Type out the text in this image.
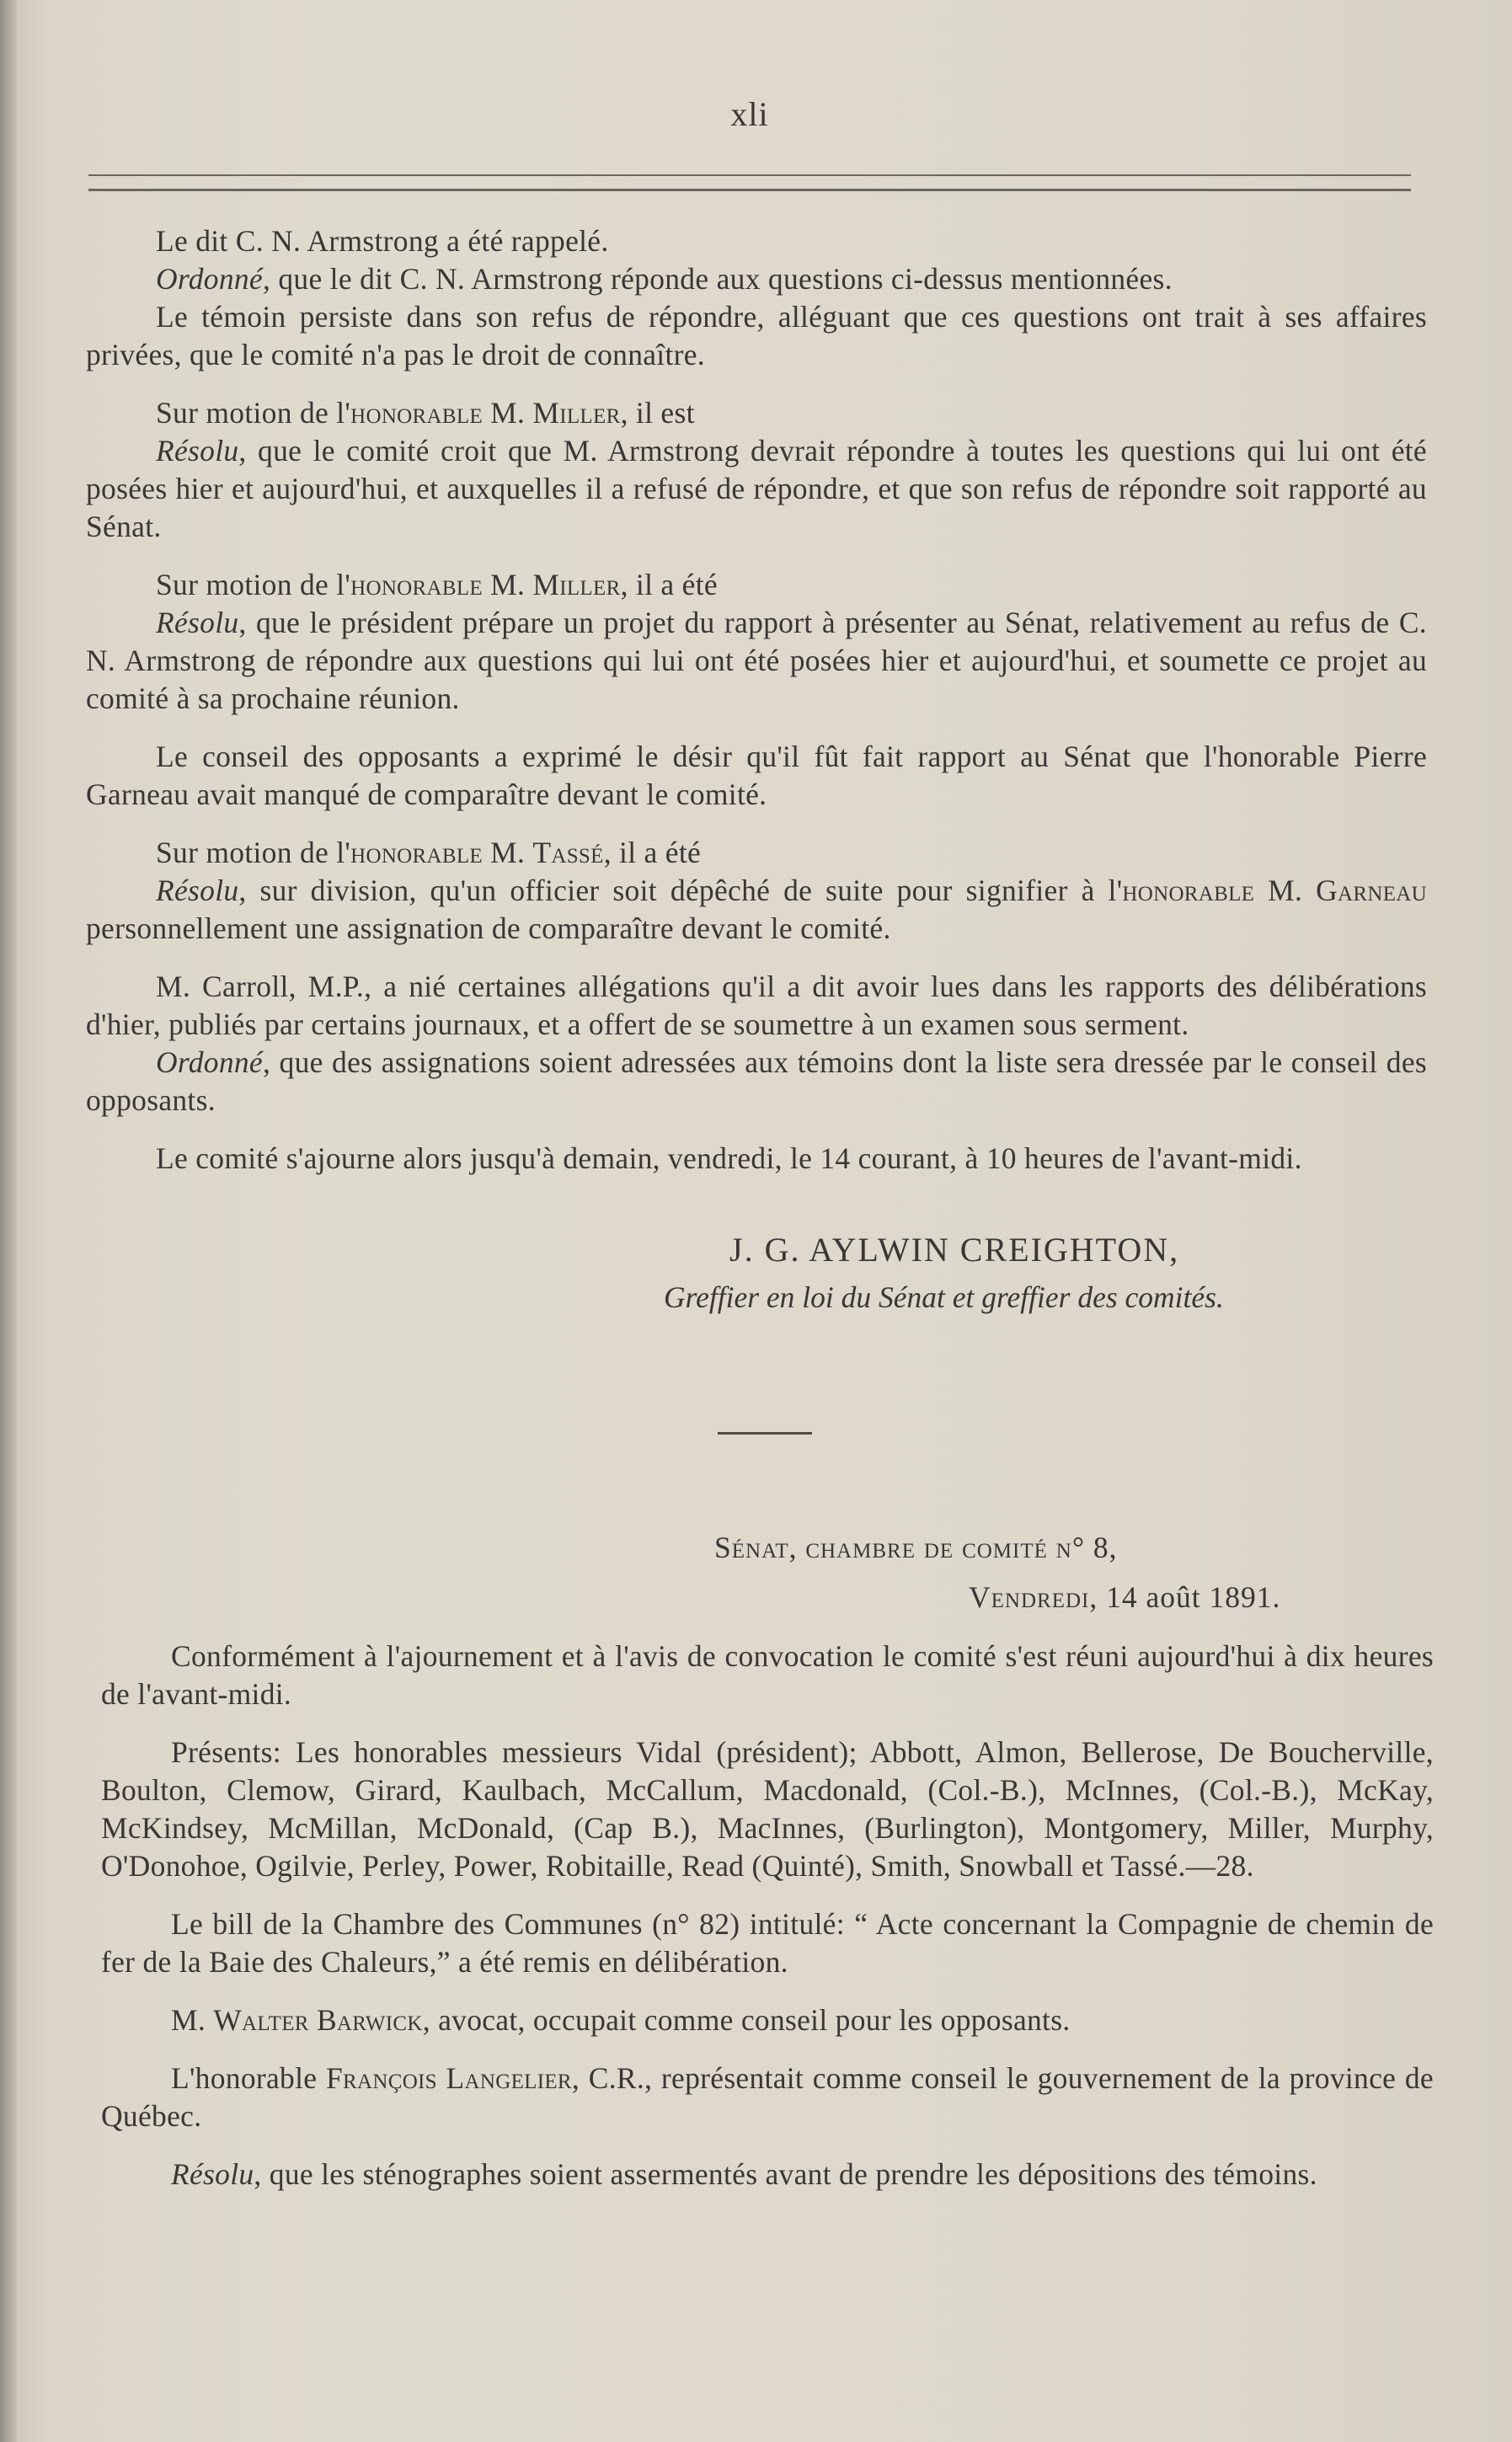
xli

Le dit C. N. Armstrong a été rappelé.

Ordonné, que le dit C. N. Armstrong réponde aux questions ci-dessus mentionnées.

Le témoin persiste dans son refus de répondre, alléguant que ces questions ont trait à ses affaires privées, que le comité n'a pas le droit de connaître.

Sur motion de l'honorable M. Miller, il est

Résolu, que le comité croit que M. Armstrong devrait répondre à toutes les questions qui lui ont été posées hier et aujourd'hui, et auxquelles il a refusé de répondre, et que son refus de répondre soit rapporté au Sénat.

Sur motion de l'honorable M. Miller, il a été

Résolu, que le président prépare un projet du rapport à présenter au Sénat, relativement au refus de C. N. Armstrong de répondre aux questions qui lui ont été posées hier et aujourd'hui, et soumette ce projet au comité à sa prochaine réunion.

Le conseil des opposants a exprimé le désir qu'il fût fait rapport au Sénat que l'honorable Pierre Garneau avait manqué de comparaître devant le comité.

Sur motion de l'honorable M. Tassé, il a été

Résolu, sur division, qu'un officier soit dépêché de suite pour signifier à l'honorable M. Garneau personnellement une assignation de comparaître devant le comité.

M. Carroll, M.P., a nié certaines allégations qu'il a dit avoir lues dans les rapports des délibérations d'hier, publiés par certains journaux, et a offert de se soumettre à un examen sous serment.

Ordonné, que des assignations soient adressées aux témoins dont la liste sera dressée par le conseil des opposants.

Le comité s'ajourne alors jusqu'à demain, vendredi, le 14 courant, à 10 heures de l'avant-midi.

J. G. AYLWIN CREIGHTON,
Greffier en loi du Sénat et greffier des comités.
Sénat, chambre de comité n° 8,
Vendredi, 14 août 1891.

Conformément à l'ajournement et à l'avis de convocation le comité s'est réuni aujourd'hui à dix heures de l'avant-midi.

Présents: Les honorables messieurs Vidal (président); Abbott, Almon, Bellerose, De Boucherville, Boulton, Clemow, Girard, Kaulbach, McCallum, Macdonald, (Col.-B.), McInnes, (Col.-B.), McKay, McKindsey, McMillan, McDonald, (Cap B.), MacInnes, (Burlington), Montgomery, Miller, Murphy, O'Donohoe, Ogilvie, Perley, Power, Robitaille, Read (Quinté), Smith, Snowball et Tassé.—28.

Le bill de la Chambre des Communes (n° 82) intitulé: “ Acte concernant la Compagnie de chemin de fer de la Baie des Chaleurs,” a été remis en délibération.

M. Walter Barwick, avocat, occupait comme conseil pour les opposants.

L'honorable François Langelier, C.R., représentait comme conseil le gouvernement de la province de Québec.

Résolu, que les sténographes soient assermentés avant de prendre les dépositions des témoins.
